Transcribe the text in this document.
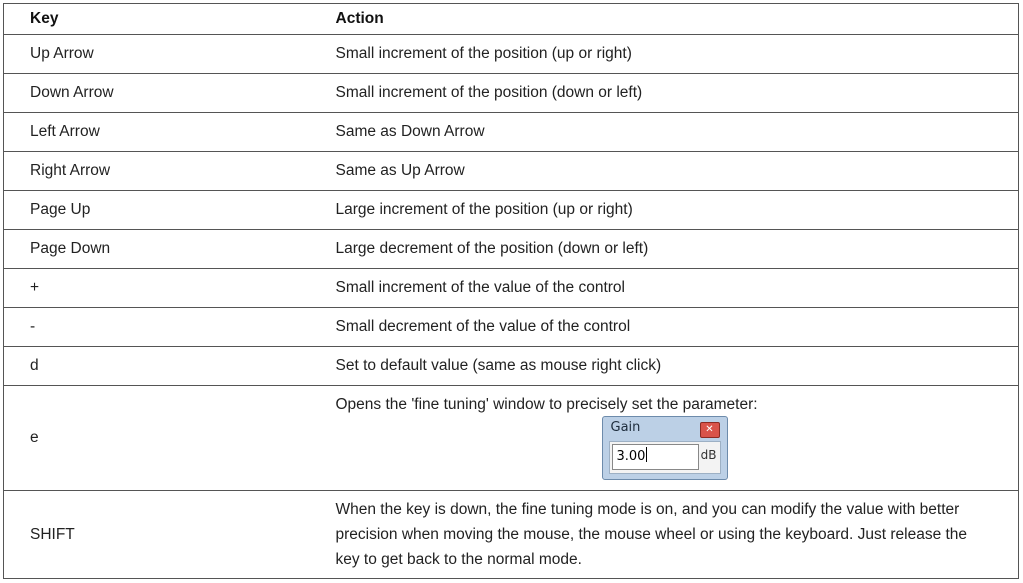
Key	Action
Up Arrow	Small increment of the position (up or right)
Down Arrow	Small increment of the position (down or left)
Left Arrow	Same as Down Arrow
Right Arrow	Same as Up Arrow
Page Up	Large increment of the position (up or right)
Page Down	Large decrement of the position (down or left)
+	Small increment of the value of the control
-	Small decrement of the value of the control
d	Set to default value (same as mouse right click)
e	Opens the 'fine tuning' window to precisely set the parameter:
Gain ✕
3.00 dB

SHIFT	When the key is down, the fine tuning mode is on, and you can modify the value with better precision when moving the mouse, the mouse wheel or using the keyboard. Just release the key to get back to the normal mode.
